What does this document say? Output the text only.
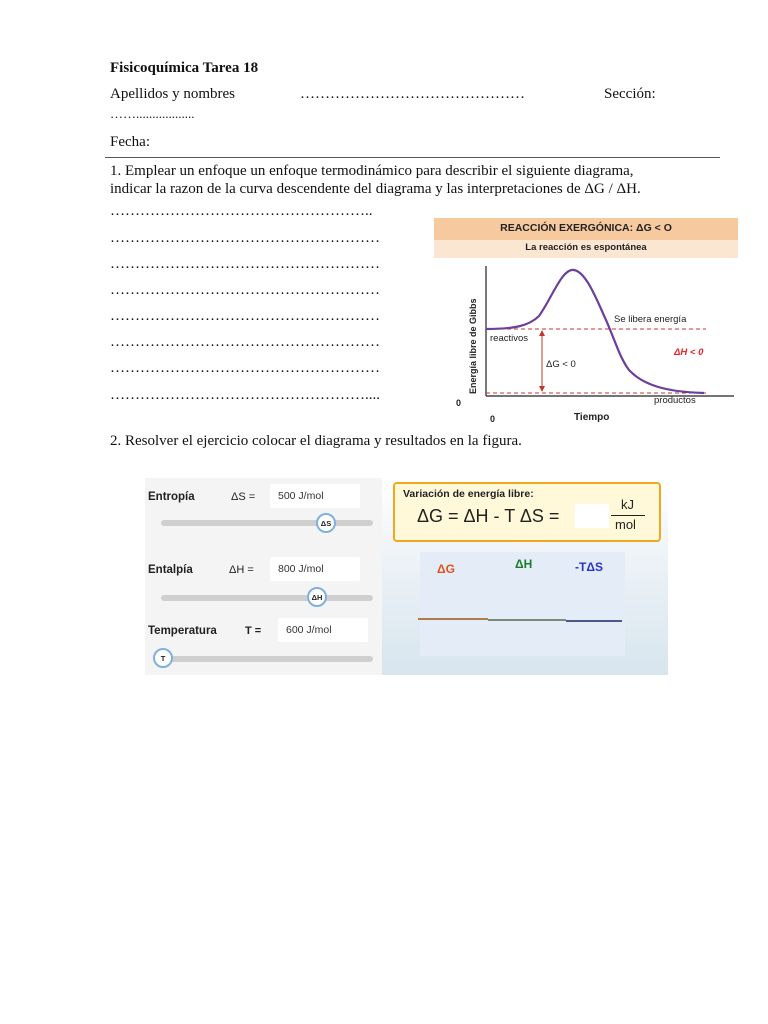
Fisicoquímica Tarea 18
Apellidos y nombres	………………………………………	Sección:
……..................
Fecha:
1. Emplear un enfoque un enfoque termodinámico para describir el siguiente diagrama,
indicar la razon de la curva descendente del diagrama y las interpretaciones de ΔG / ΔH.
……………………………………………..
………………………………………………
………………………………………………
………………………………………………
………………………………………………
………………………………………………
………………………………………………
……………………………………………....
REACCIÓN EXERGÓNICA: ΔG < O
La reacción es espontánea
Energía libre de Gibbs
0
0	Tiempo
Se libera energía
reactivos
ΔG < 0
ΔH < 0
productos
2. Resolver el ejercicio colocar el diagrama y resultados en la figura.
Entropía	ΔS =	500 J/mol
ΔS
Entalpía	ΔH =	800 J/mol
ΔH
Temperatura	T =	600 J/mol
T
Variación de energía libre:
ΔG = ΔH - T ΔS =
kJ
mol
ΔG	ΔH	-TΔS
